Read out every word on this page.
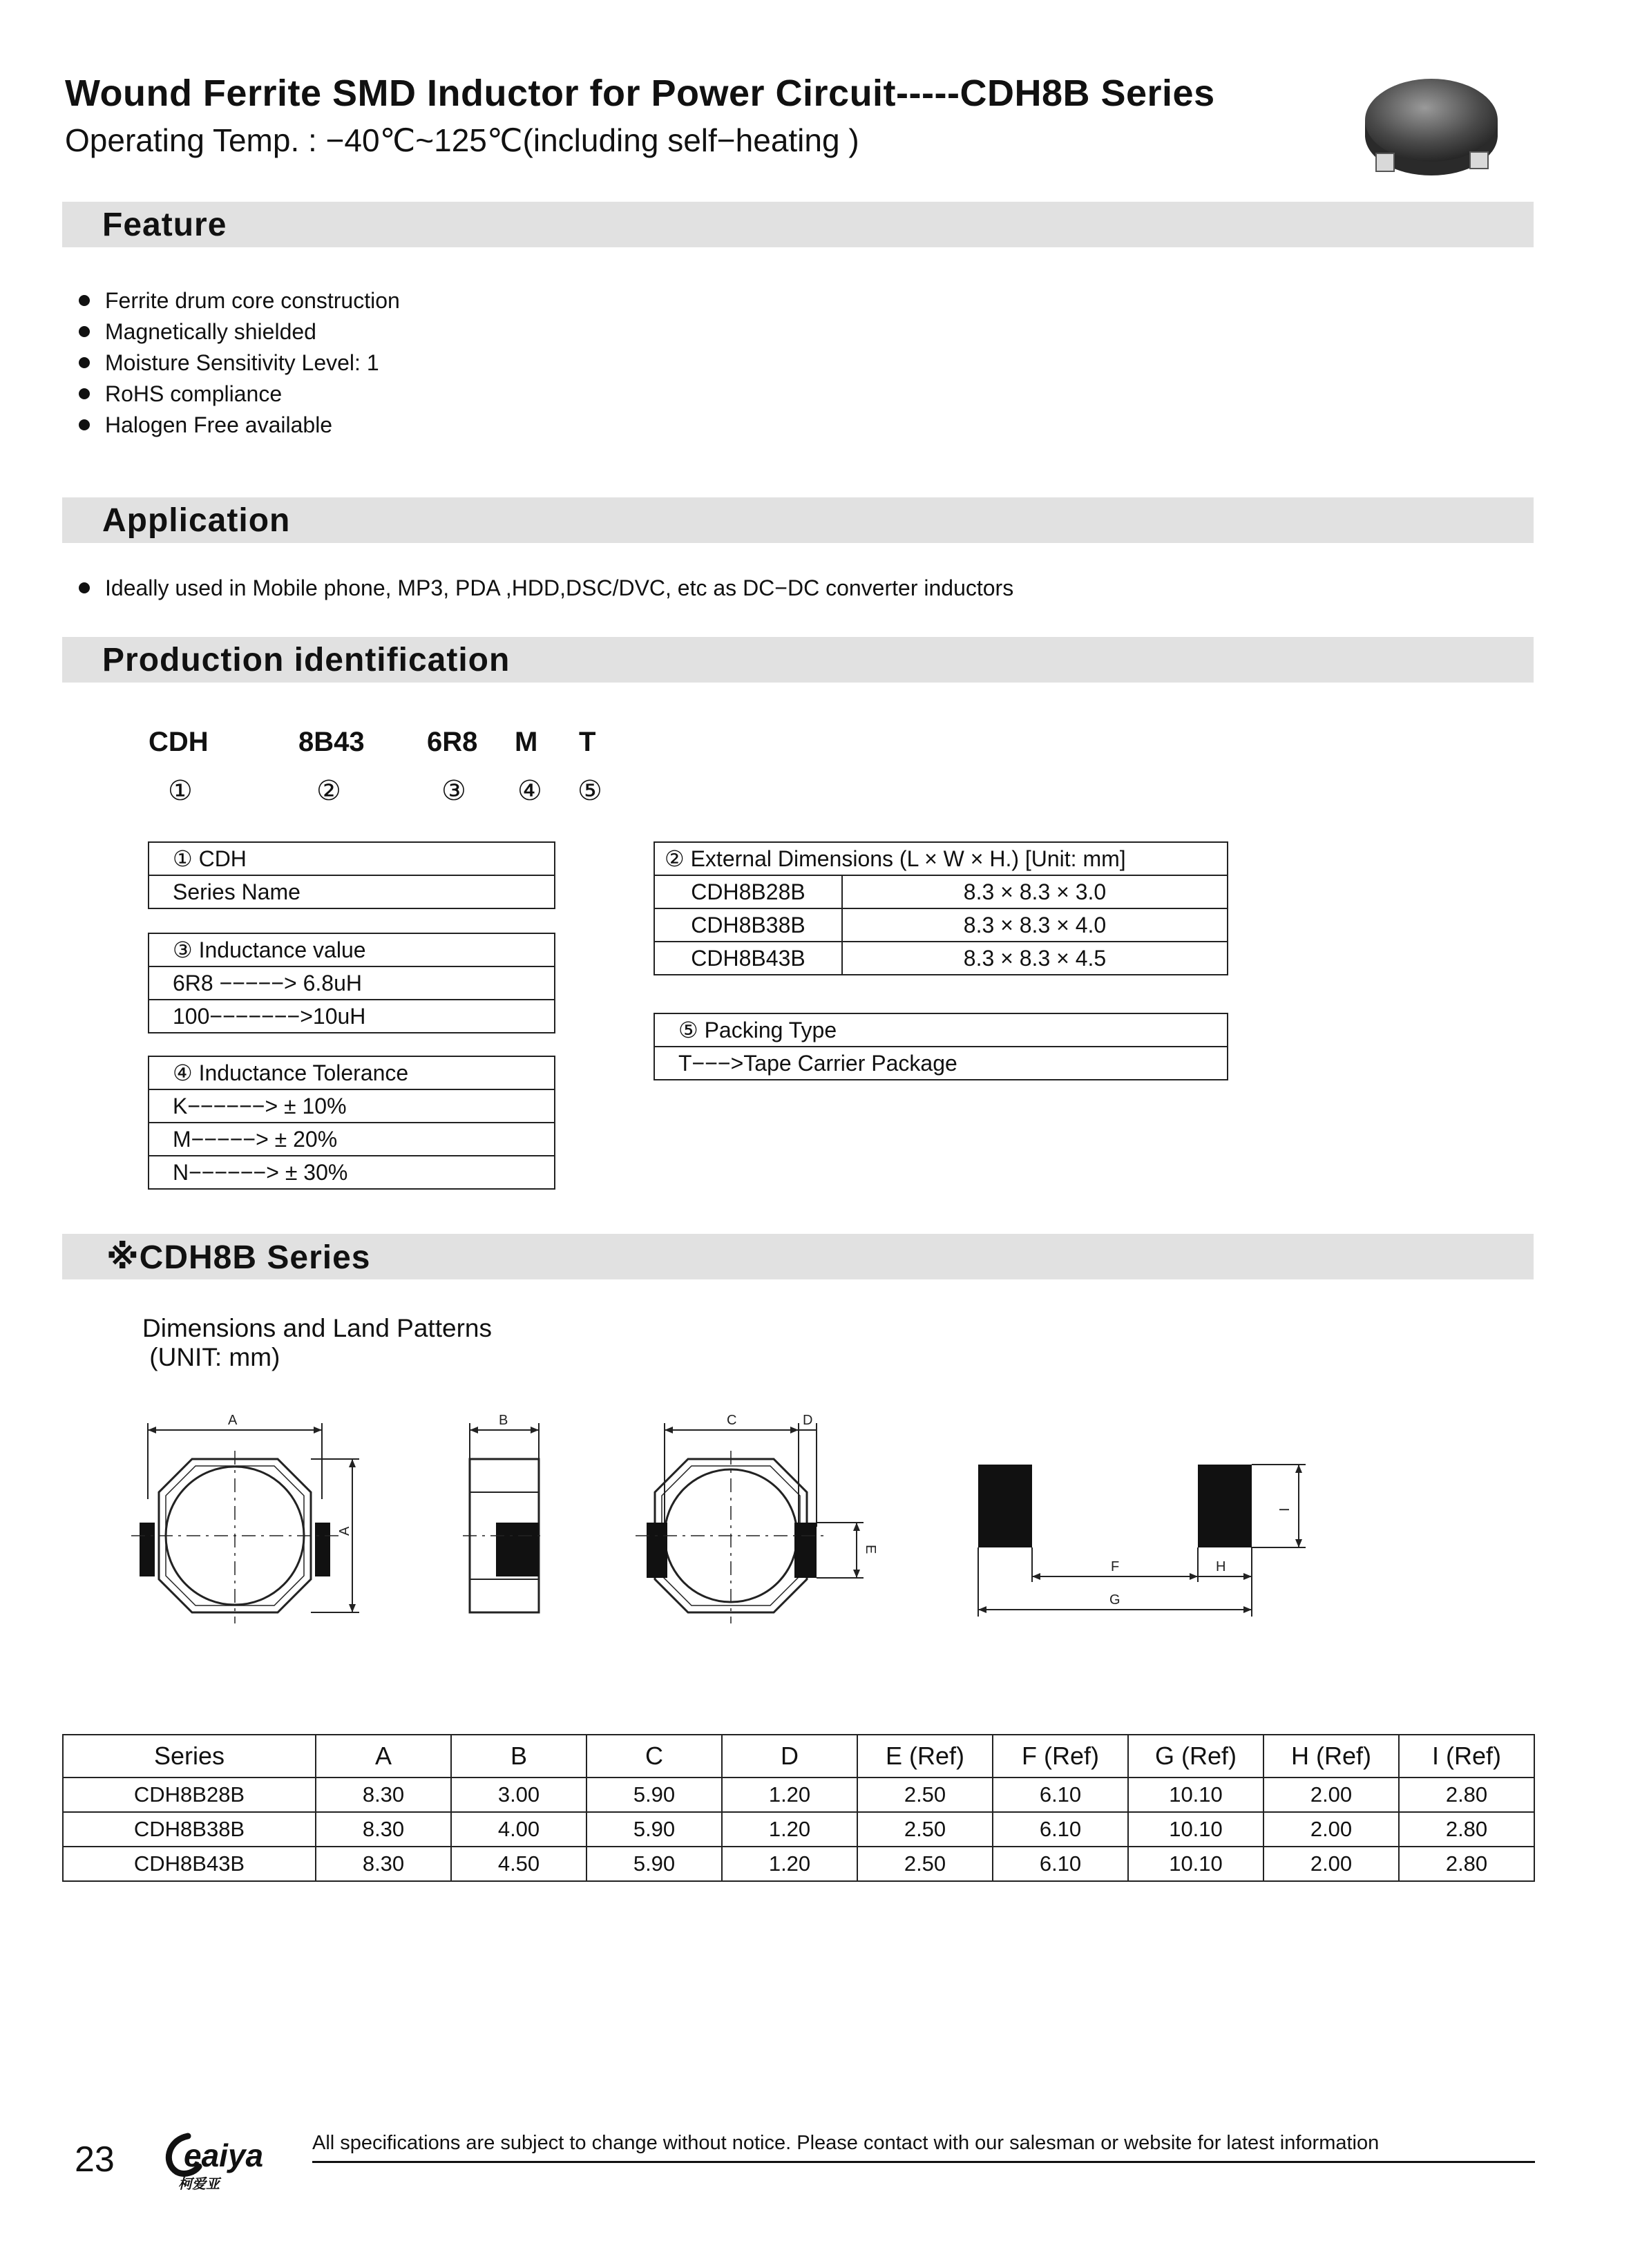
Wound Ferrite SMD Inductor for Power Circuit-----CDH8B Series
Operating Temp. : −40℃~125℃(including self−heating )
Feature
Ferrite drum core construction
Magnetically shielded
Moisture Sensitivity Level: 1
RoHS compliance
Halogen Free available
Application
Ideally used in Mobile phone, MP3, PDA ,HDD,DSC/DVC, etc as DC−DC converter inductors
Production identification
CDH	8B43 6R8 M T
①	②	③ ④ ⑤
① CDH
Series Name
③ Inductance value
6R8 −−−−−> 6.8uH
100−−−−−−−>10uH
④ Inductance Tolerance
K−−−−−−> ± 10%
M−−−−−> ± 20%
N−−−−−−> ± 30%
② External Dimensions (L × W × H.) [Unit: mm]	
CDH8B28B	8.3 × 8.3 × 3.0
CDH8B38B	8.3 × 8.3 × 4.0
CDH8B43B	8.3 × 8.3 × 4.5
⑤ Packing Type
T−−−>Tape Carrier Package
※CDH8B Series
Dimensions and Land Patterns
(UNIT: mm)
A
A
B	C	D
E
I
F	H
G
Series	A	B	C	D	E (Ref)	F (Ref)	G (Ref)	H (Ref)	I (Ref)
CDH8B28B	8.30	3.00	5.90	1.20	2.50	6.10	10.10	2.00	2.80
CDH8B38B	8.30	4.00	5.90	1.20	2.50	6.10	10.10	2.00	2.80
CDH8B43B	8.30	4.50	5.90	1.20	2.50	6.10	10.10	2.00	2.80
23 eaiya
柯爱亚
All specifications are subject to change without notice. Please contact with our salesman or website for latest information
